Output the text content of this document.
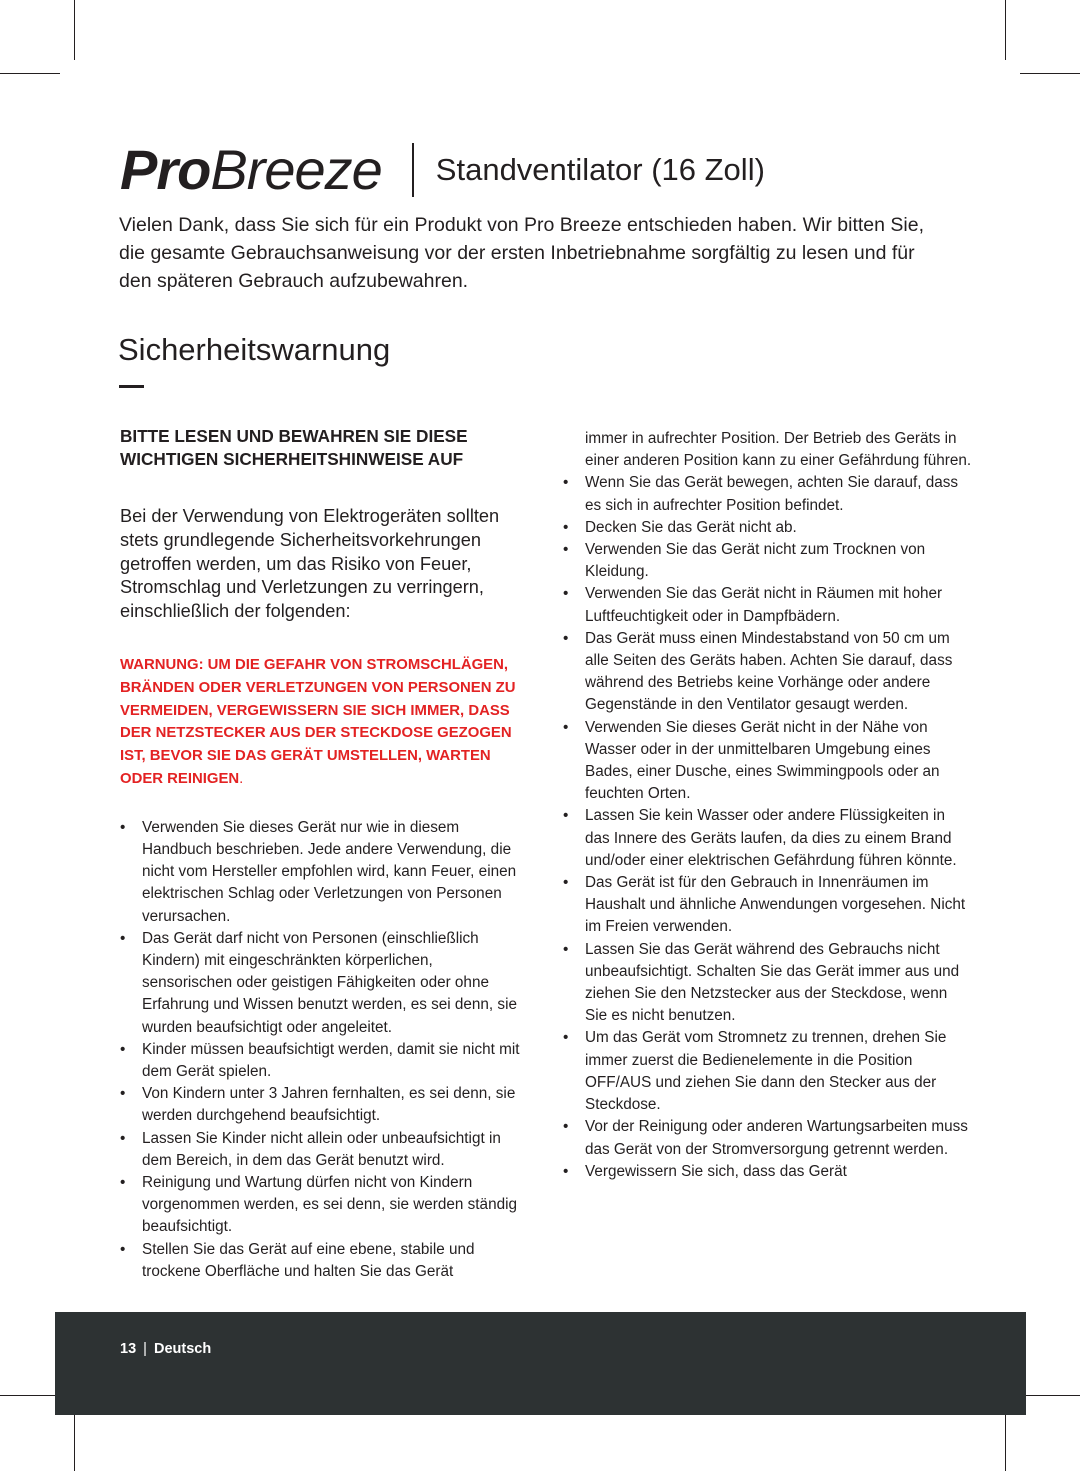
ProBreeze Standventilator (16 Zoll)

Vielen Dank, dass Sie sich für ein Produkt von Pro Breeze entschieden haben. Wir bitten Sie, die gesamte Gebrauchsanweisung vor der ersten Inbetriebnahme sorgfältig zu lesen und für den späteren Gebrauch aufzubewahren.

Sicherheitswarnung

BITTE LESEN UND BEWAHREN SIE DIESE WICHTIGEN SICHERHEITSHINWEISE AUF

Bei der Verwendung von Elektrogeräten sollten stets grundlegende Sicherheitsvorkehrungen getroffen werden, um das Risiko von Feuer, Stromschlag und Verletzungen zu verringern, einschließlich der folgenden:

WARNUNG: UM DIE GEFAHR VON STROMSCHLÄGEN, BRÄNDEN ODER VERLETZUNGEN VON PERSONEN ZU VERMEIDEN, VERGEWISSERN SIE SICH IMMER, DASS DER NETZSTECKER AUS DER STECKDOSE GEZOGEN IST, BEVOR SIE DAS GERÄT UMSTELLEN, WARTEN ODER REINIGEN.

•	Verwenden Sie dieses Gerät nur wie in diesem Handbuch beschrieben. Jede andere Verwendung, die nicht vom Hersteller empfohlen wird, kann Feuer, einen elektrischen Schlag oder Verletzungen von Personen verursachen.
•	Das Gerät darf nicht von Personen (einschließlich Kindern) mit eingeschränkten körperlichen, sensorischen oder geistigen Fähigkeiten oder ohne Erfahrung und Wissen benutzt werden, es sei denn, sie wurden beaufsichtigt oder angeleitet.
•	Kinder müssen beaufsichtigt werden, damit sie nicht mit dem Gerät spielen.
•	Von Kindern unter 3 Jahren fernhalten, es sei denn, sie werden durchgehend beaufsichtigt.
•	Lassen Sie Kinder nicht allein oder unbeaufsichtigt in dem Bereich, in dem das Gerät benutzt wird.
•	Reinigung und Wartung dürfen nicht von Kindern vorgenommen werden, es sei denn, sie werden ständig beaufsichtigt.
•	Stellen Sie das Gerät auf eine ebene, stabile und trockene Oberfläche und halten Sie das Gerät

immer in aufrechter Position. Der Betrieb des Geräts in einer anderen Position kann zu einer Gefährdung führen.

•	Wenn Sie das Gerät bewegen, achten Sie darauf, dass es sich in aufrechter Position befindet.
•	Decken Sie das Gerät nicht ab.
•	Verwenden Sie das Gerät nicht zum Trocknen von Kleidung.
•	Verwenden Sie das Gerät nicht in Räumen mit hoher Luftfeuchtigkeit oder in Dampfbädern.
•	Das Gerät muss einen Mindestabstand von 50 cm um alle Seiten des Geräts haben. Achten Sie darauf, dass während des Betriebs keine Vorhänge oder andere Gegenstände in den Ventilator gesaugt werden.
•	Verwenden Sie dieses Gerät nicht in der Nähe von Wasser oder in der unmittelbaren Umgebung eines Bades, einer Dusche, eines Swimmingpools oder an feuchten Orten.
•	Lassen Sie kein Wasser oder andere Flüssigkeiten in das Innere des Geräts laufen, da dies zu einem Brand und/oder einer elektrischen Gefährdung führen könnte.
•	Das Gerät ist für den Gebrauch in Innenräumen im Haushalt und ähnliche Anwendungen vorgesehen. Nicht im Freien verwenden.
•	Lassen Sie das Gerät während des Gebrauchs nicht unbeaufsichtigt. Schalten Sie das Gerät immer aus und ziehen Sie den Netzstecker aus der Steckdose, wenn Sie es nicht benutzen.
•	Um das Gerät vom Stromnetz zu trennen, drehen Sie immer zuerst die Bedienelemente in die Position OFF/AUS und ziehen Sie dann den Stecker aus der Steckdose.
•	Vor der Reinigung oder anderen Wartungsarbeiten muss das Gerät von der Stromversorgung getrennt werden.
•	Vergewissern Sie sich, dass das Gerät
13 | Deutsch
